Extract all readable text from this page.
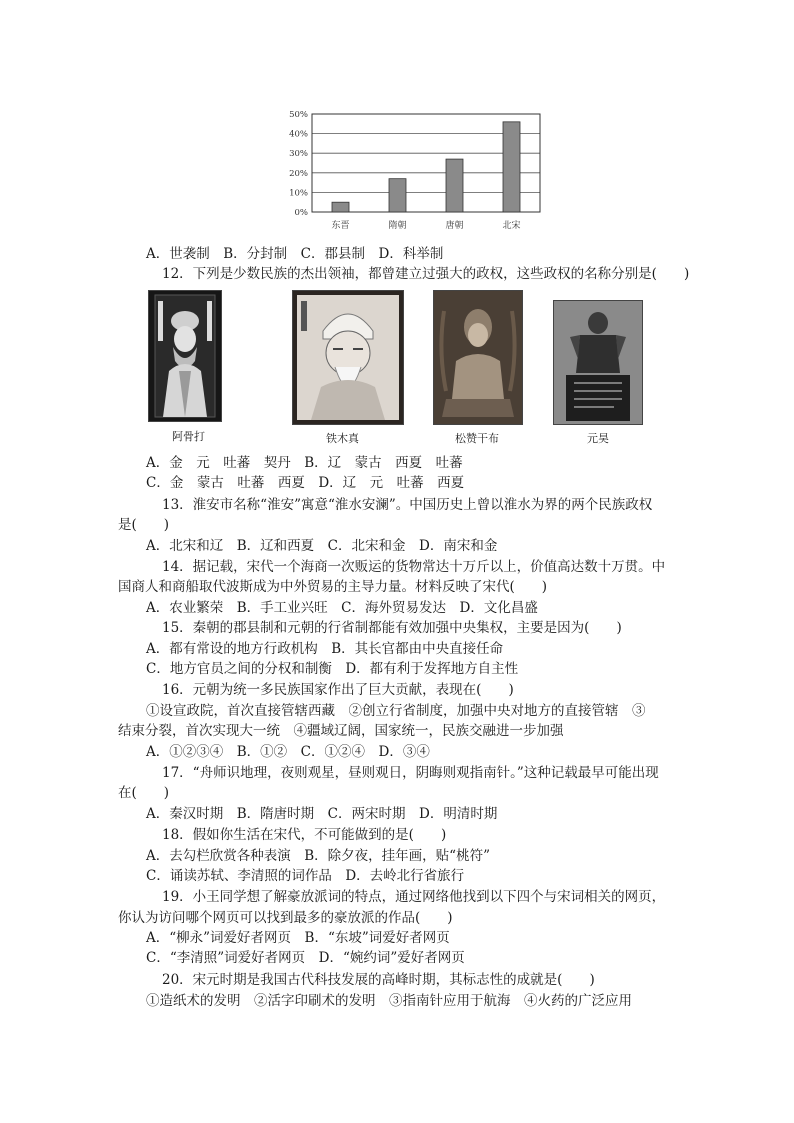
0%
10%
20%
30%
40%
50%
东晋	隋朝	唐朝	北宋
A．世袭制　B．分封制　C．郡县制　D．科举制
12．下列是少数民族的杰出领袖，都曾建立过强大的政权，这些政权的名称分别是(　　)
阿骨打	铁木真	松赞干布	元昊
A．金　元　吐蕃　契丹　B．辽　蒙古　西夏　吐蕃
C．金　蒙古　吐蕃　西夏　D．辽　元　吐蕃　西夏
13．淮安市名称“淮安”寓意“淮水安澜”。中国历史上曾以淮水为界的两个民族政权
是(　　)
A．北宋和辽　B．辽和西夏　C．北宋和金　D．南宋和金
14．据记载，宋代一个海商一次贩运的货物常达十万斤以上，价值高达数十万贯。中
国商人和商船取代波斯成为中外贸易的主导力量。材料反映了宋代(　　)
A．农业繁荣　B．手工业兴旺　C．海外贸易发达　D．文化昌盛
15．秦朝的郡县制和元朝的行省制都能有效加强中央集权，主要是因为(　　)
A．都有常设的地方行政机构　B．其长官都由中央直接任命
C．地方官员之间的分权和制衡　D．都有利于发挥地方自主性
16．元朝为统一多民族国家作出了巨大贡献，表现在(　　)
①设宣政院，首次直接管辖西藏　②创立行省制度，加强中央对地方的直接管辖　③
结束分裂，首次实现大一统　④疆域辽阔，国家统一，民族交融进一步加强
A．①②③④　B．①②　C．①②④　D．③④
17．“舟师识地理，夜则观星，昼则观日，阴晦则观指南针。”这种记载最早可能出现
在(　　)
A．秦汉时期　B．隋唐时期　C．两宋时期　D．明清时期
18．假如你生活在宋代，不可能做到的是(　　)
A．去勾栏欣赏各种表演　B．除夕夜，挂年画，贴“桃符”
C．诵读苏轼、李清照的词作品　D．去岭北行省旅行
19．小王同学想了解豪放派词的特点，通过网络他找到以下四个与宋词相关的网页，
你认为访问哪个网页可以找到最多的豪放派的作品(　　)
A．“柳永”词爱好者网页　B．“东坡”词爱好者网页
C．“李清照”词爱好者网页　D．“婉约词”爱好者网页
20．宋元时期是我国古代科技发展的高峰时期，其标志性的成就是(　　)
①造纸术的发明　②活字印刷术的发明　③指南针应用于航海　④火药的广泛应用
